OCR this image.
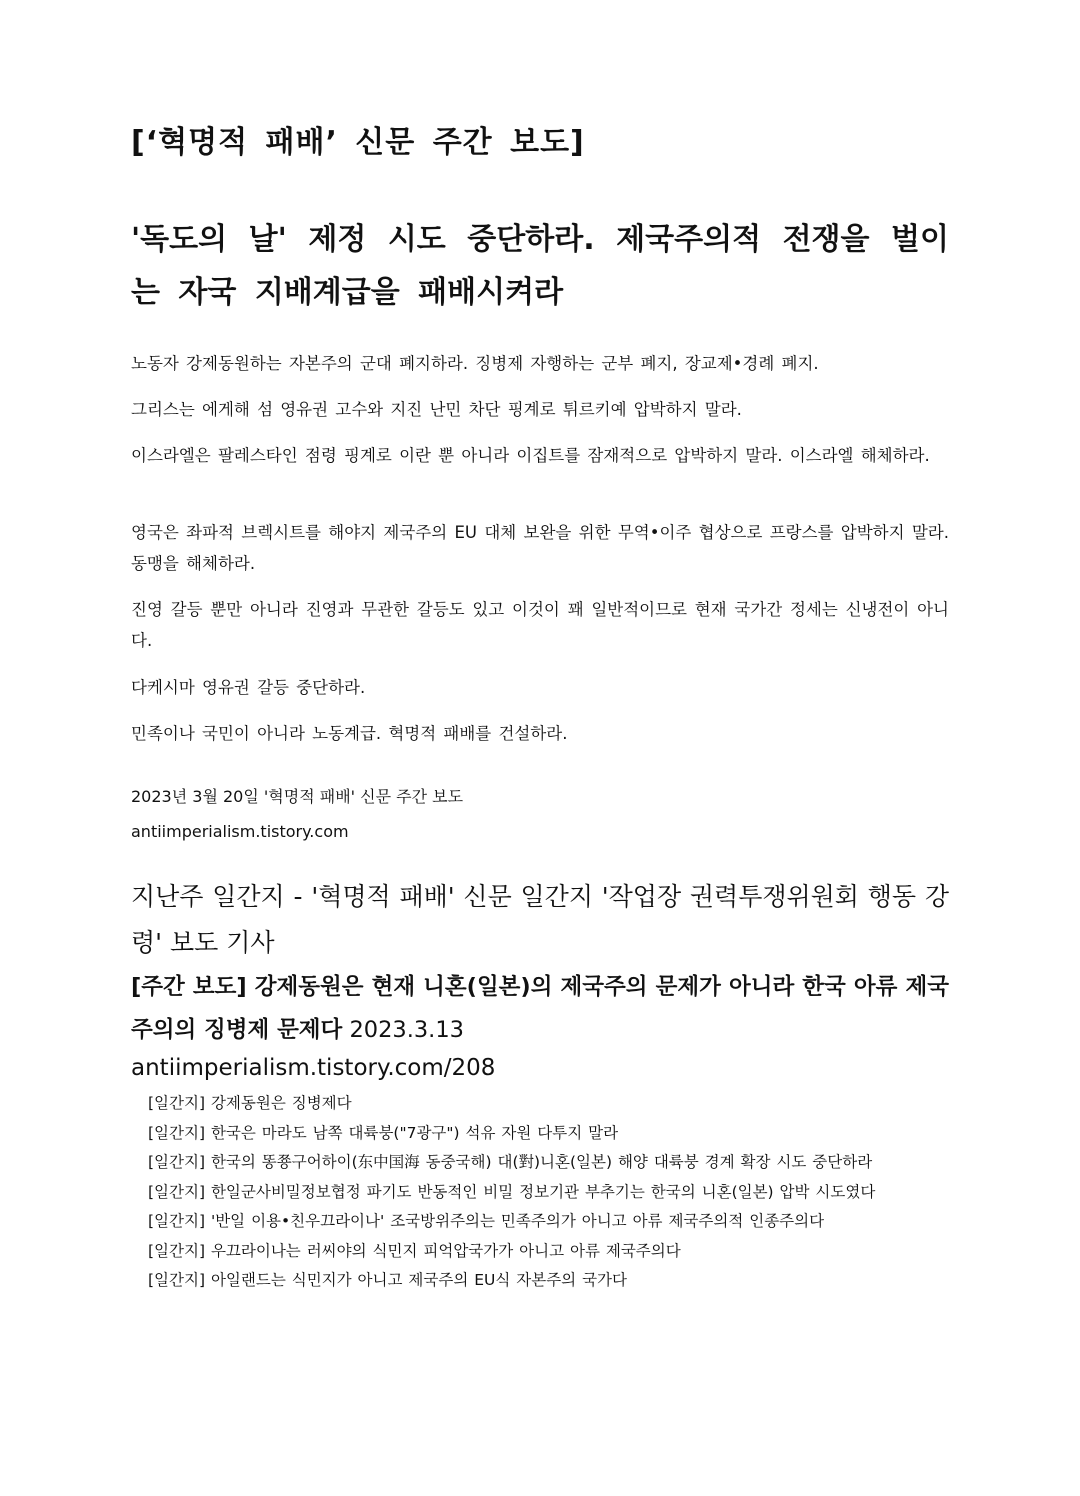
[‘혁명적 패배’ 신문 주간 보도]
'독도의 날' 제정 시도 중단하라. 제국주의적 전쟁을 벌이는 자국 지배계급을 패배시켜라

노동자 강제동원하는 자본주의 군대 폐지하라. 징병제 자행하는 군부 폐지, 장교제•경례 폐지.

그리스는 에게해 섬 영유권 고수와 지진 난민 차단 핑계로 튀르키예 압박하지 말라.

이스라엘은 팔레스타인 점령 핑계로 이란 뿐 아니라 이집트를 잠재적으로 압박하지 말라. 이스라엘 해체하라.

영국은 좌파적 브렉시트를 해야지 제국주의 EU 대체 보완을 위한 무역•이주 협상으로 프랑스를 압박하지 말라. 동맹을 해체하라.

진영 갈등 뿐만 아니라 진영과 무관한 갈등도 있고 이것이 꽤 일반적이므로 현재 국가간 정세는 신냉전이 아니다.

다케시마 영유권 갈등 중단하라.

민족이나 국민이 아니라 노동계급. 혁명적 패배를 건설하라.

2023년 3월 20일 '혁명적 패배' 신문 주간 보도

antiimperialism.tistory.com

지난주 일간지 - '혁명적 패배' 신문 일간지 '작업장 권력투쟁위원회 행동 강령' 보도 기사

[주간 보도] 강제동원은 현재 니혼(일본)의 제국주의 문제가 아니라 한국 아류 제국주의의 징병제 문제다 2023.3.13

antiimperialism.tistory.com/208

[일간지] 강제동원은 징병제다
[일간지] 한국은 마라도 남쪽 대륙붕("7광구") 석유 자원 다투지 말라
[일간지] 한국의 똥쭁구어하이(东中国海 동중국해) 대(對)니혼(일본) 해양 대륙붕 경계 확장 시도 중단하라
[일간지] 한일군사비밀정보협정 파기도 반동적인 비밀 정보기관 부추기는 한국의 니혼(일본) 압박 시도였다
[일간지] '반일 이용•친우끄라이나' 조국방위주의는 민족주의가 아니고 아류 제국주의적 인종주의다
[일간지] 우끄라이나는 러씨야의 식민지 피억압국가가 아니고 아류 제국주의다
[일간지] 아일랜드는 식민지가 아니고 제국주의 EU식 자본주의 국가다
